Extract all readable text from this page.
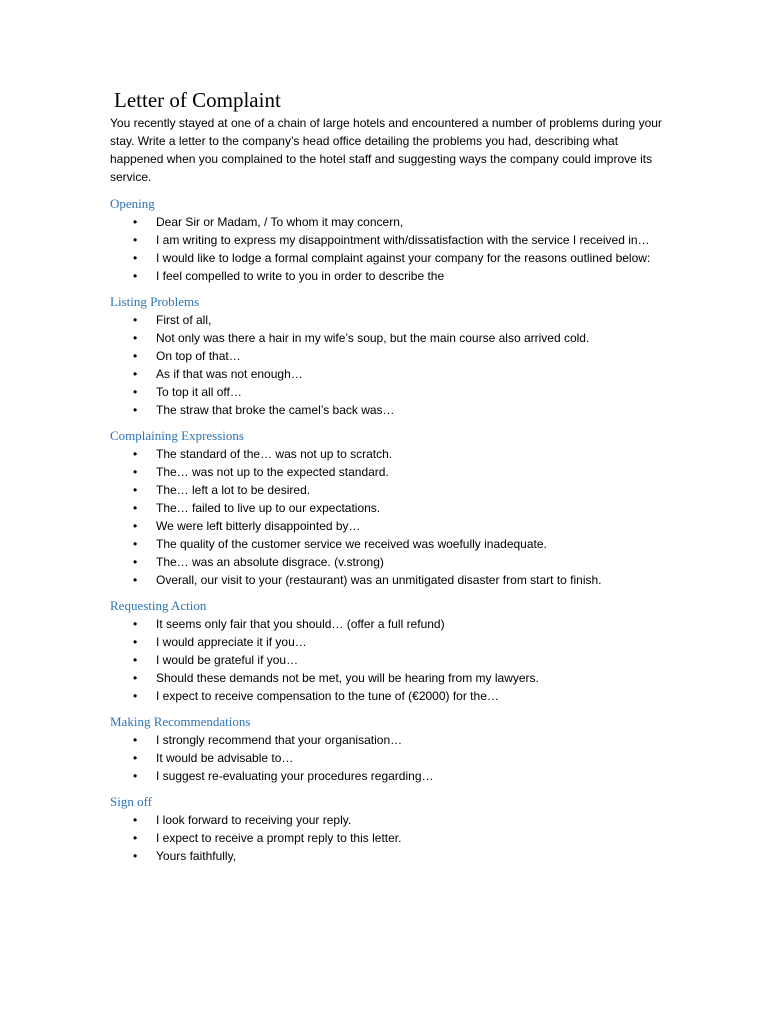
Letter of Complaint

You recently stayed at one of a chain of large hotels and encountered a number of problems during your stay. Write a letter to the company’s head office detailing the problems you had, describing what happened when you complained to the hotel staff and suggesting ways the company could improve its service.

Opening
•	Dear Sir or Madam, / To whom it may concern,
•	I am writing to express my disappointment with/dissatisfaction with the service I received in…
•	I would like to lodge a formal complaint against your company for the reasons outlined below:
•	I feel compelled to write to you in order to describe the
Listing Problems
•	First of all,
•	Not only was there a hair in my wife’s soup, but the main course also arrived cold.
•	On top of that…
•	As if that was not enough…
•	To top it all off…
•	The straw that broke the camel’s back was…
Complaining Expressions
•	The standard of the… was not up to scratch.
•	The… was not up to the expected standard.
•	The… left a lot to be desired.
•	The… failed to live up to our expectations.
•	We were left bitterly disappointed by…
•	The quality of the customer service we received was woefully inadequate.
•	The… was an absolute disgrace. (v.strong)
•	Overall, our visit to your (restaurant) was an unmitigated disaster from start to finish.
Requesting Action
•	It seems only fair that you should… (offer a full refund)
•	I would appreciate it if you…
•	I would be grateful if you…
•	Should these demands not be met, you will be hearing from my lawyers.
•	I expect to receive compensation to the tune of (€2000) for the…
Making Recommendations
•	I strongly recommend that your organisation…
•	It would be advisable to…
•	I suggest re-evaluating your procedures regarding…
Sign off
•	I look forward to receiving your reply.
•	I expect to receive a prompt reply to this letter.
•	Yours faithfully,
